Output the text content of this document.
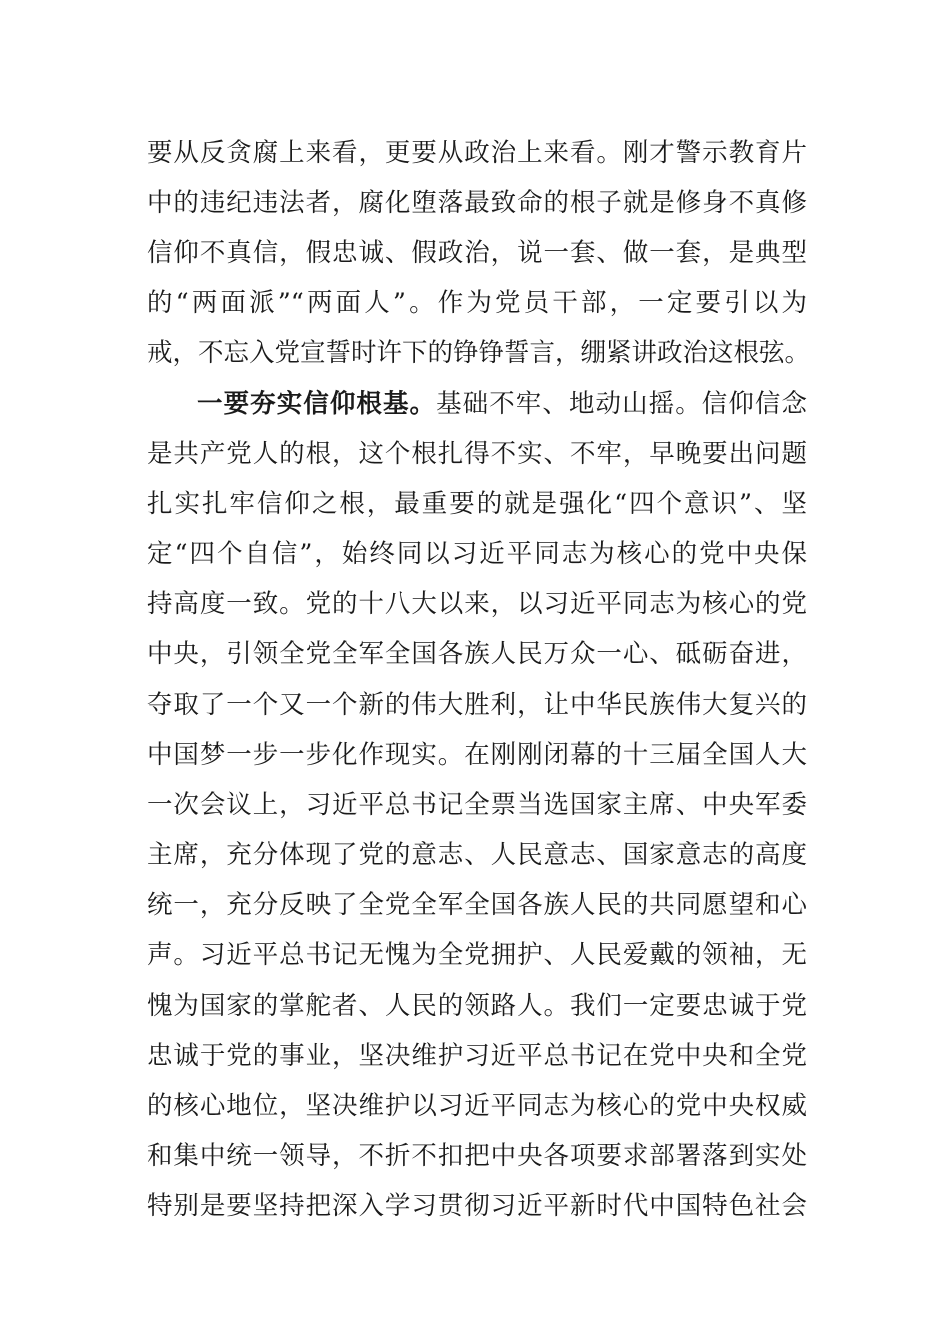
要从反贪腐上来看，更要从政治上来看。刚才警示教育片
中的违纪违法者，腐化堕落最致命的根子就是修身不真修
信仰不真信，假忠诚、假政治，说一套、做一套，是典型
的“两面派”“两面人”。作为党员干部，一定要引以为
戒，不忘入党宣誓时许下的铮铮誓言，绷紧讲政治这根弦。
一要夯实信仰根基。基础不牢、地动山摇。信仰信念
是共产党人的根，这个根扎得不实、不牢，早晚要出问题
扎实扎牢信仰之根，最重要的就是强化“四个意识”、坚
定“四个自信”，始终同以习近平同志为核心的党中央保
持高度一致。党的十八大以来，以习近平同志为核心的党
中央，引领全党全军全国各族人民万众一心、砥砺奋进，
夺取了一个又一个新的伟大胜利，让中华民族伟大复兴的
中国梦一步一步化作现实。在刚刚闭幕的十三届全国人大
一次会议上，习近平总书记全票当选国家主席、中央军委
主席，充分体现了党的意志、人民意志、国家意志的高度
统一，充分反映了全党全军全国各族人民的共同愿望和心
声。习近平总书记无愧为全党拥护、人民爱戴的领袖，无
愧为国家的掌舵者、人民的领路人。我们一定要忠诚于党
忠诚于党的事业，坚决维护习近平总书记在党中央和全党
的核心地位，坚决维护以习近平同志为核心的党中央权威
和集中统一领导，不折不扣把中央各项要求部署落到实处
特别是要坚持把深入学习贯彻习近平新时代中国特色社会
